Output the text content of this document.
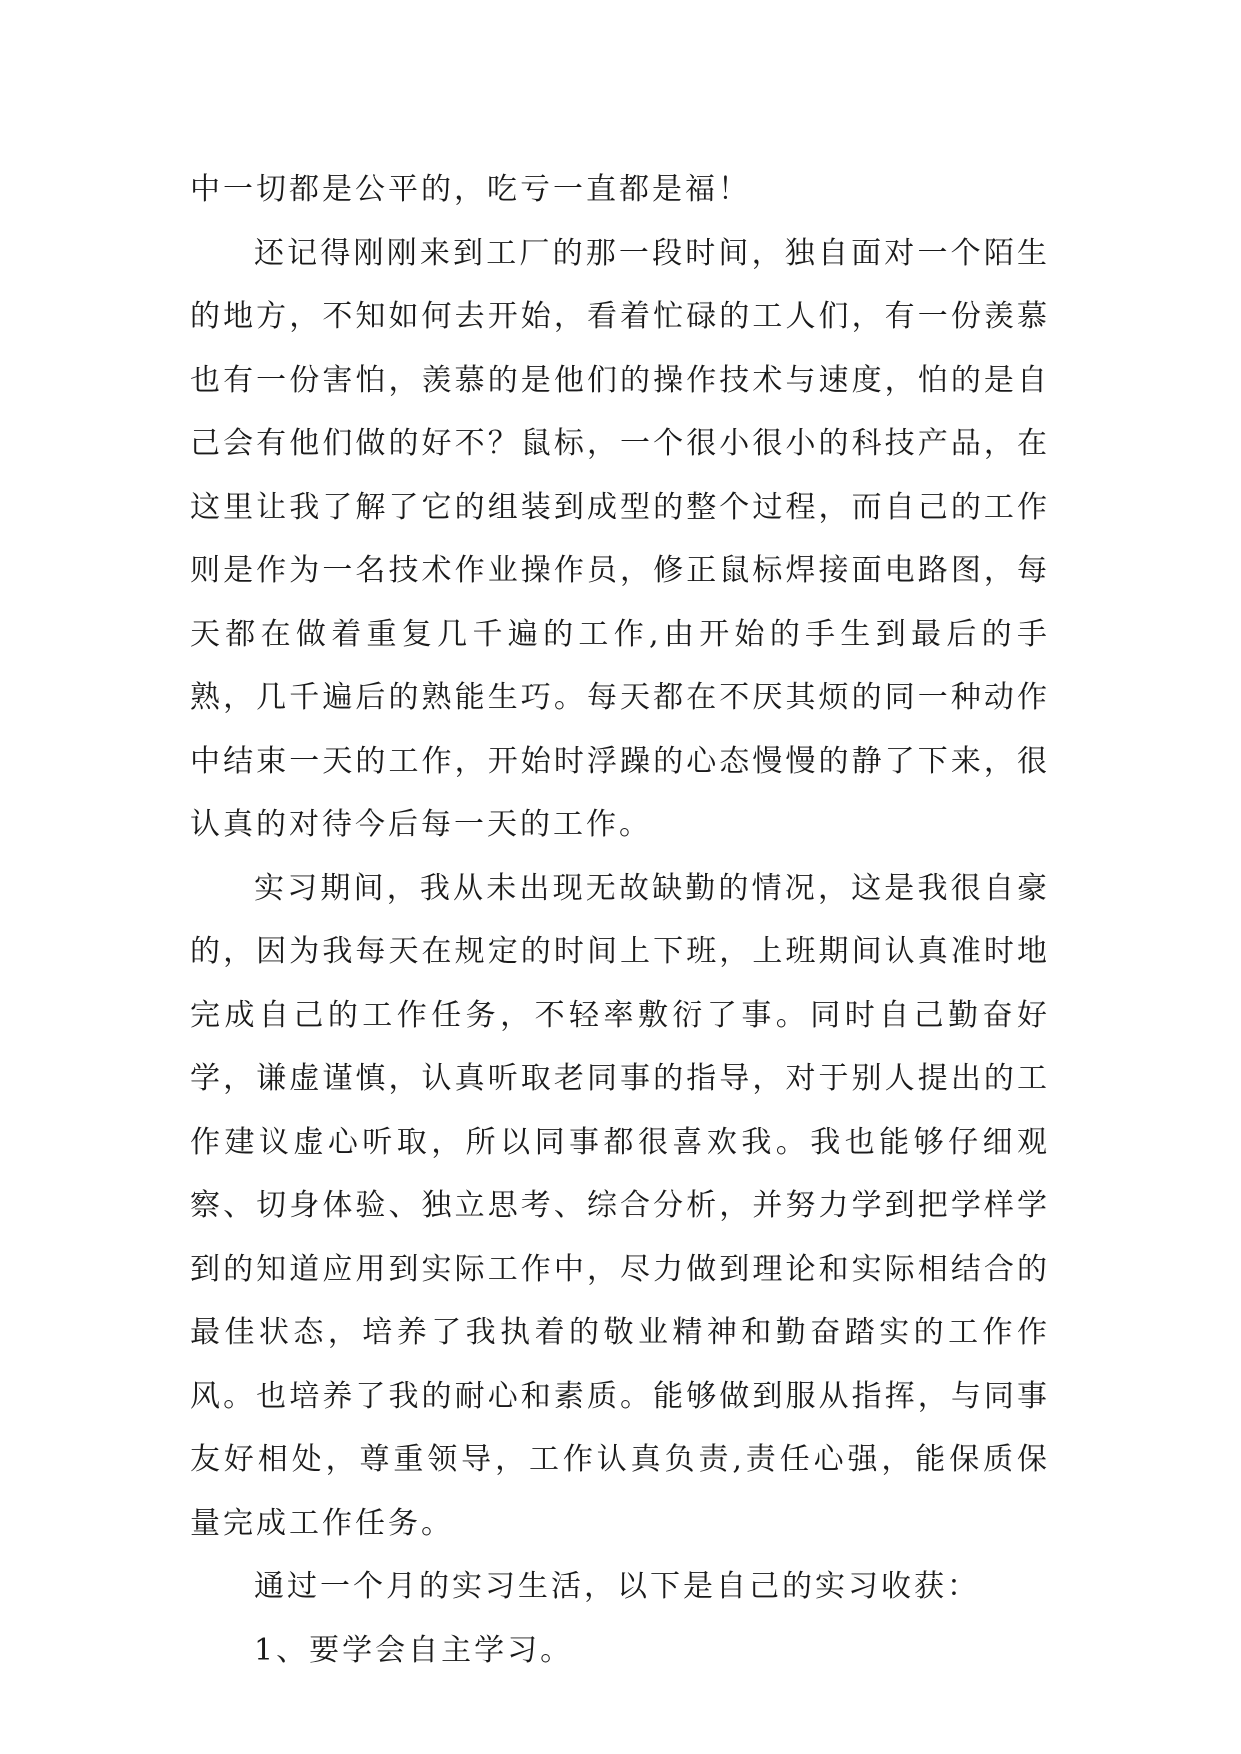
中一切都是公平的，吃亏一直都是福！

还记得刚刚来到工厂的那一段时间，独自面对一个陌生的地方，不知如何去开始，看着忙碌的工人们，有一份羡慕也有一份害怕，羡慕的是他们的操作技术与速度，怕的是自己会有他们做的好不？鼠标，一个很小很小的科技产品，在这里让我了解了它的组装到成型的整个过程，而自己的工作则是作为一名技术作业操作员，修正鼠标焊接面电路图，每天都在做着重复几千遍的工作,由开始的手生到最后的手熟，几千遍后的熟能生巧。每天都在不厌其烦的同一种动作中结束一天的工作，开始时浮躁的心态慢慢的静了下来，很认真的对待今后每一天的工作。

实习期间，我从未出现无故缺勤的情况，这是我很自豪的，因为我每天在规定的时间上下班，上班期间认真准时地完成自己的工作任务，不轻率敷衍了事。同时自己勤奋好学，谦虚谨慎，认真听取老同事的指导，对于别人提出的工作建议虚心听取，所以同事都很喜欢我。我也能够仔细观察、切身体验、独立思考、综合分析，并努力学到把学样学到的知道应用到实际工作中，尽力做到理论和实际相结合的最佳状态，培养了我执着的敬业精神和勤奋踏实的工作作风。也培养了我的耐心和素质。能够做到服从指挥，与同事友好相处，尊重领导，工作认真负责,责任心强，能保质保量完成工作任务。

通过一个月的实习生活，以下是自己的实习收获：

1、要学会自主学习。
